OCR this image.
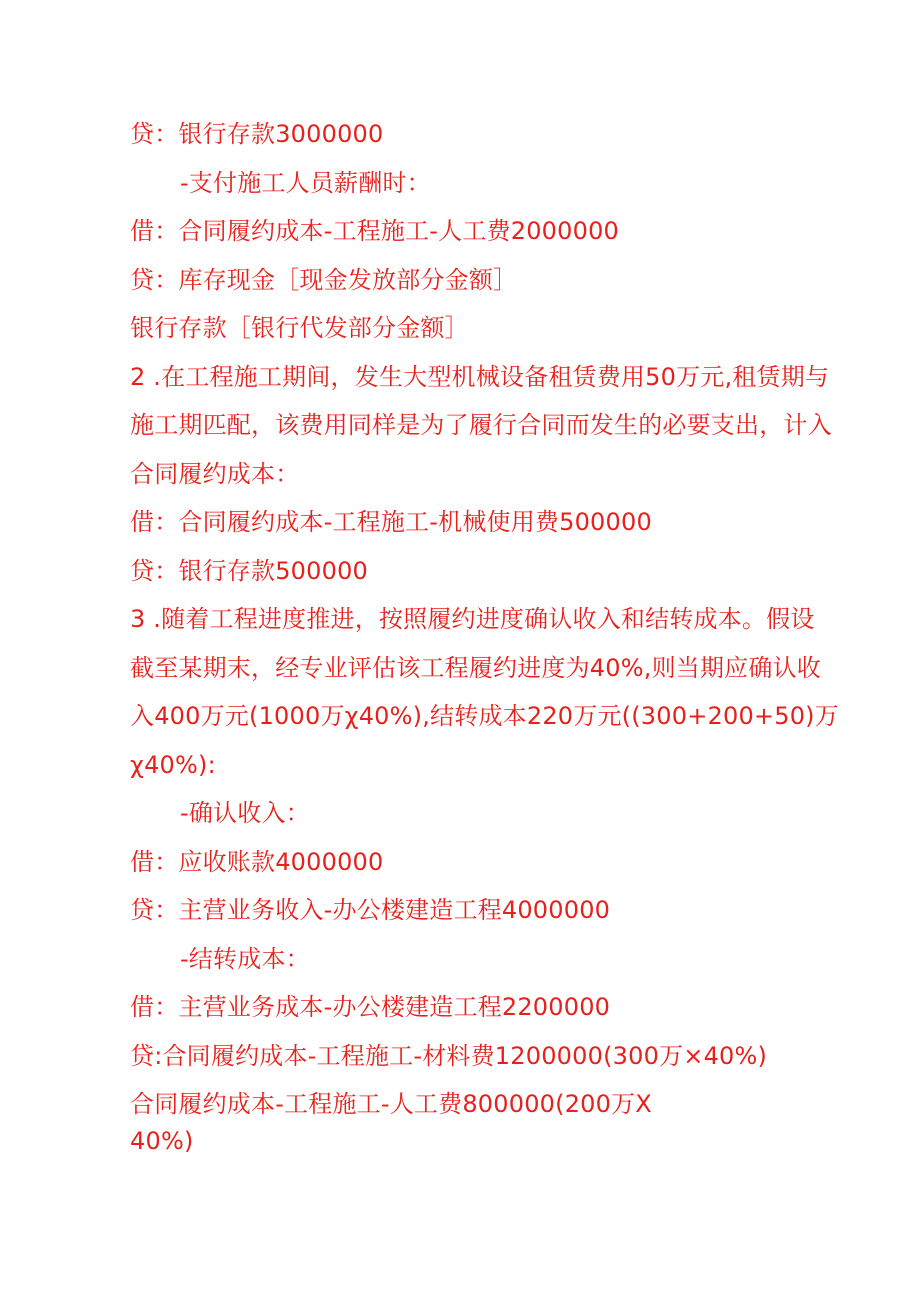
贷：银行存款3000000
-支付施工人员薪酬时：
借：合同履约成本-工程施工-人工费2000000
贷：库存现金［现金发放部分金额］
银行存款［银行代发部分金额］
2 .在工程施工期间，发生大型机械设备租赁费用50万元,租赁期与
施工期匹配，该费用同样是为了履行合同而发生的必要支出，计入
合同履约成本：
借：合同履约成本-工程施工-机械使用费500000
贷：银行存款500000
3 .随着工程进度推进，按照履约进度确认收入和结转成本。假设
截至某期末，经专业评估该工程履约进度为40%,则当期应确认收
入400万元(1000万χ40%),结转成本220万元((300+200+50)万
χ40%):
-确认收入：
借：应收账款4000000
贷：主营业务收入-办公楼建造工程4000000
-结转成本：
借：主营业务成本-办公楼建造工程2200000
贷:合同履约成本-工程施工-材料费1200000(300万×40%)
合同履约成本-工程施工-人工费800000(200万X
40%)
